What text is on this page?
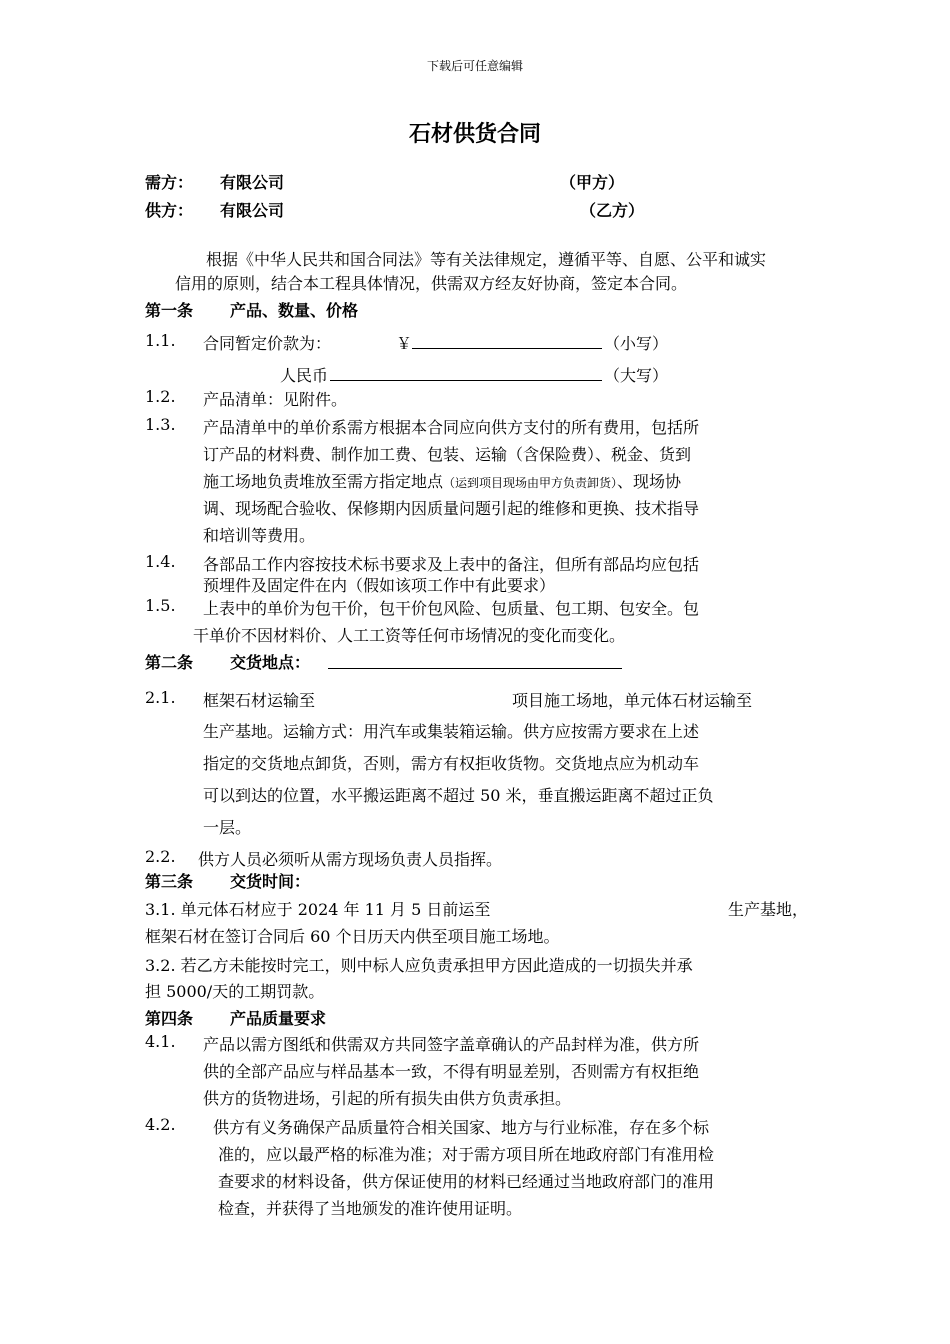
下载后可任意编辑
石材供货合同
需方： 有限公司	（甲方）
供方： 有限公司	（乙方）
根据《中华人民共和国合同法》等有关法律规定，遵循平等、自愿、公平和诚实
信用的原则，结合本工程具体情况，供需双方经友好协商，签定本合同。
第一条 产品、数量、价格
1.1. 合同暂定价款为：	￥	（小写）
人民币	（大写）
1.2. 产品清单：见附件。
1.3. 产品清单中的单价系需方根据本合同应向供方支付的所有费用，包括所
订产品的材料费、制作加工费、包装、运输（含保险费）、税金、货到
施工场地负责堆放至需方指定地点（运到项目现场由甲方负责卸货）、现场协
调、现场配合验收、保修期内因质量问题引起的维修和更换、技术指导
和培训等费用。
1.4. 各部品工作内容按技术标书要求及上表中的备注，但所有部品均应包括
预埋件及固定件在内（假如该项工作中有此要求）
1.5. 上表中的单价为包干价，包干价包风险、包质量、包工期、包安全。包
干单价不因材料价、人工工资等任何市场情况的变化而变化。
第二条 交货地点：
2.1. 框架石材运输至	项目施工场地，单元体石材运输至
生产基地。运输方式：用汽车或集装箱运输。供方应按需方要求在上述
指定的交货地点卸货，否则，需方有权拒收货物。交货地点应为机动车
可以到达的位置，水平搬运距离不超过 50 米，垂直搬运距离不超过正负
一层。
2.2. 供方人员必须听从需方现场负责人员指挥。
第三条 交货时间：
3.1. 单元体石材应于 2024 年 11 月 5 日前运至	生产基地，
框架石材在签订合同后 60 个日历天内供至项目施工场地。
3.2. 若乙方未能按时完工，则中标人应负责承担甲方因此造成的一切损失并承
担 5000/天的工期罚款。
第四条 产品质量要求
4.1. 产品以需方图纸和供需双方共同签字盖章确认的产品封样为准，供方所
供的全部产品应与样品基本一致，不得有明显差别，否则需方有权拒绝
供方的货物进场，引起的所有损失由供方负责承担。
4.2. 供方有义务确保产品质量符合相关国家、地方与行业标准，存在多个标
准的，应以最严格的标准为准；对于需方项目所在地政府部门有准用检
查要求的材料设备，供方保证使用的材料已经通过当地政府部门的准用
检查，并获得了当地颁发的准许使用证明。
